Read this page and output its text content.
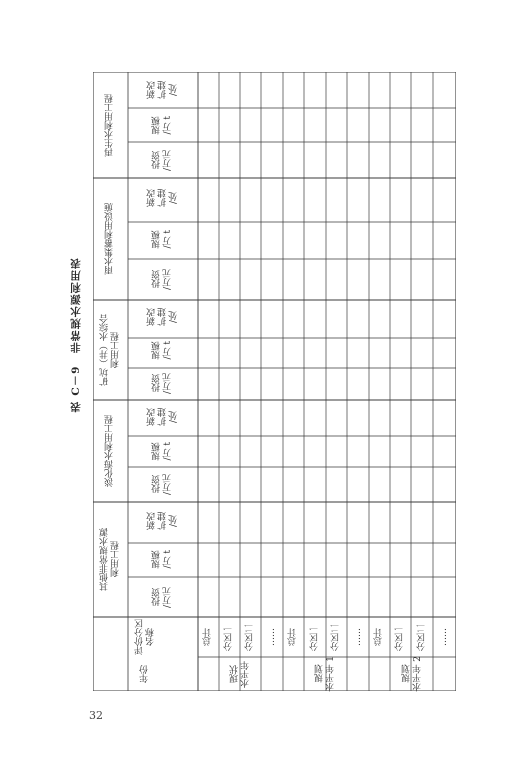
表 C－9　非常规水源利用表
再生水利用工程
新改
扩建
/处
规模
/万 t
投资
/万元
雨水集蓄利用设施
新改
扩建
/处
规模
/万 t
投资
/万元
矿坑（井）水综合
利用工程
新改
扩建
/处
规模
/万 t
投资
/万元
淡化海水利用工程	新改
扩建
/处
规模
/万 t
投资
/万元
其他非常规水源
利用工程
新改
扩建
/处
规模
/万 t
投资
/万元
评价分区
名称
年份
总计 分区一 分区二 ……
现状
水平年
总计 分区一 分区二 ……
规划
水平年 1
总计 分区一 分区二 ……
规划
水平年 2
32
